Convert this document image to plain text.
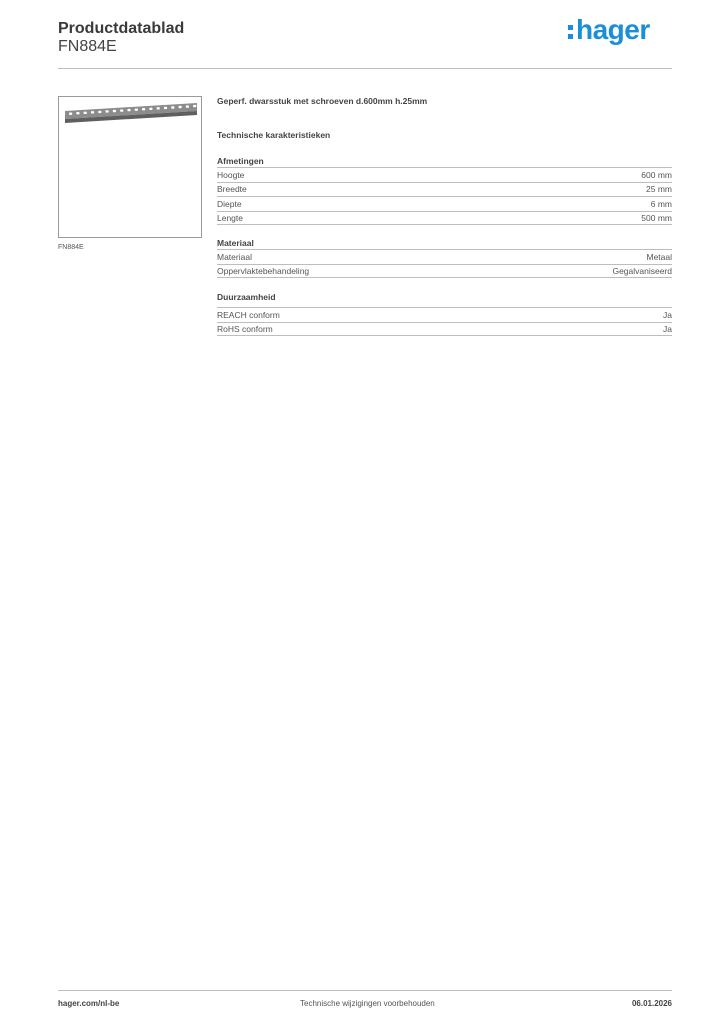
Productdatablad
FN884E
hager
FN884E
Geperf. dwarsstuk met schroeven d.600mm h.25mm
Technische karakteristieken
Afmetingen
Hoogte	600 mm
Breedte	25 mm
Diepte	6 mm
Lengte	500 mm
Materiaal
Materiaal	Metaal
Oppervlaktebehandeling	Gegalvaniseerd
Duurzaamheid
REACH conform	Ja
RoHS conform	Ja
hager.com/nl-be	Technische wijzigingen voorbehouden	06.01.2026
